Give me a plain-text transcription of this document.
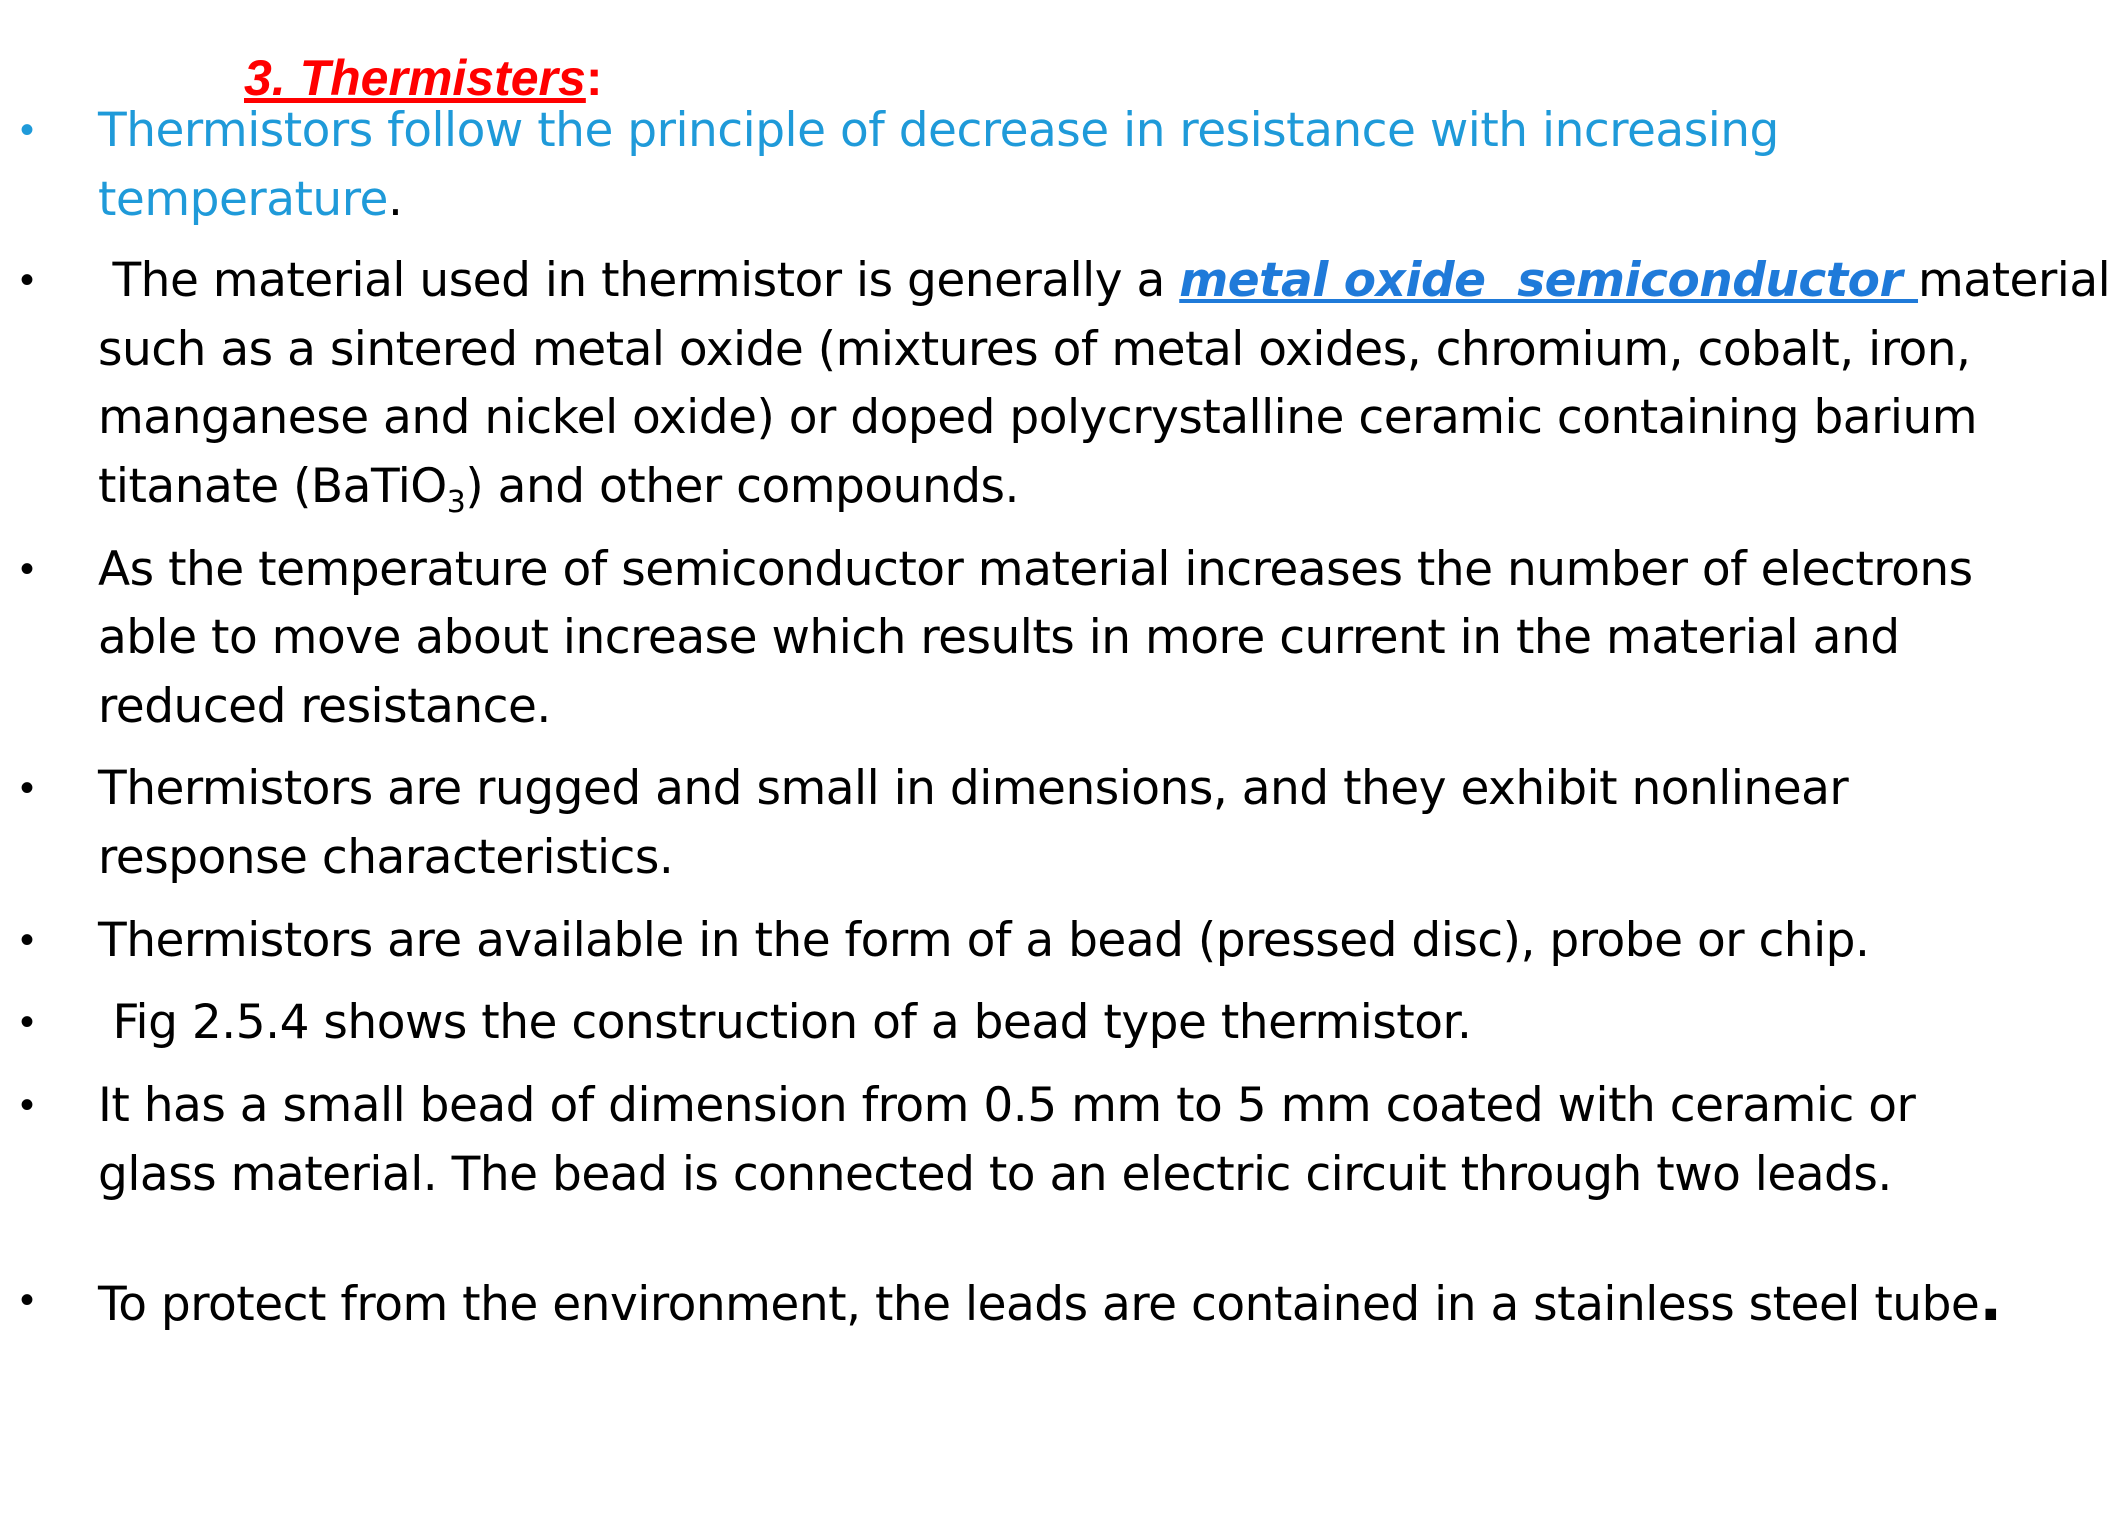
3. Thermisters:
• Thermistors follow the principle of decrease in resistance with increasing
temperature.
• The material used in thermistor is generally a metal oxide  semiconductor material
such as a sintered metal oxide (mixtures of metal oxides, chromium, cobalt, iron,
manganese and nickel oxide) or doped polycrystalline ceramic containing barium
titanate (BaTiO$_3$) and other compounds.
• As the temperature of semiconductor material increases the number of electrons
able to move about increase which results in more current in the material and
reduced resistance.
• Thermistors are rugged and small in dimensions, and they exhibit nonlinear
response characteristics.
• Thermistors are available in the form of a bead (pressed disc), probe or chip.
• Fig 2.5.4 shows the construction of a bead type thermistor.
• It has a small bead of dimension from 0.5 mm to 5 mm coated with ceramic or
glass material. The bead is connected to an electric circuit through two leads.
• To protect from the environment, the leads are contained in a stainless steel tube.
